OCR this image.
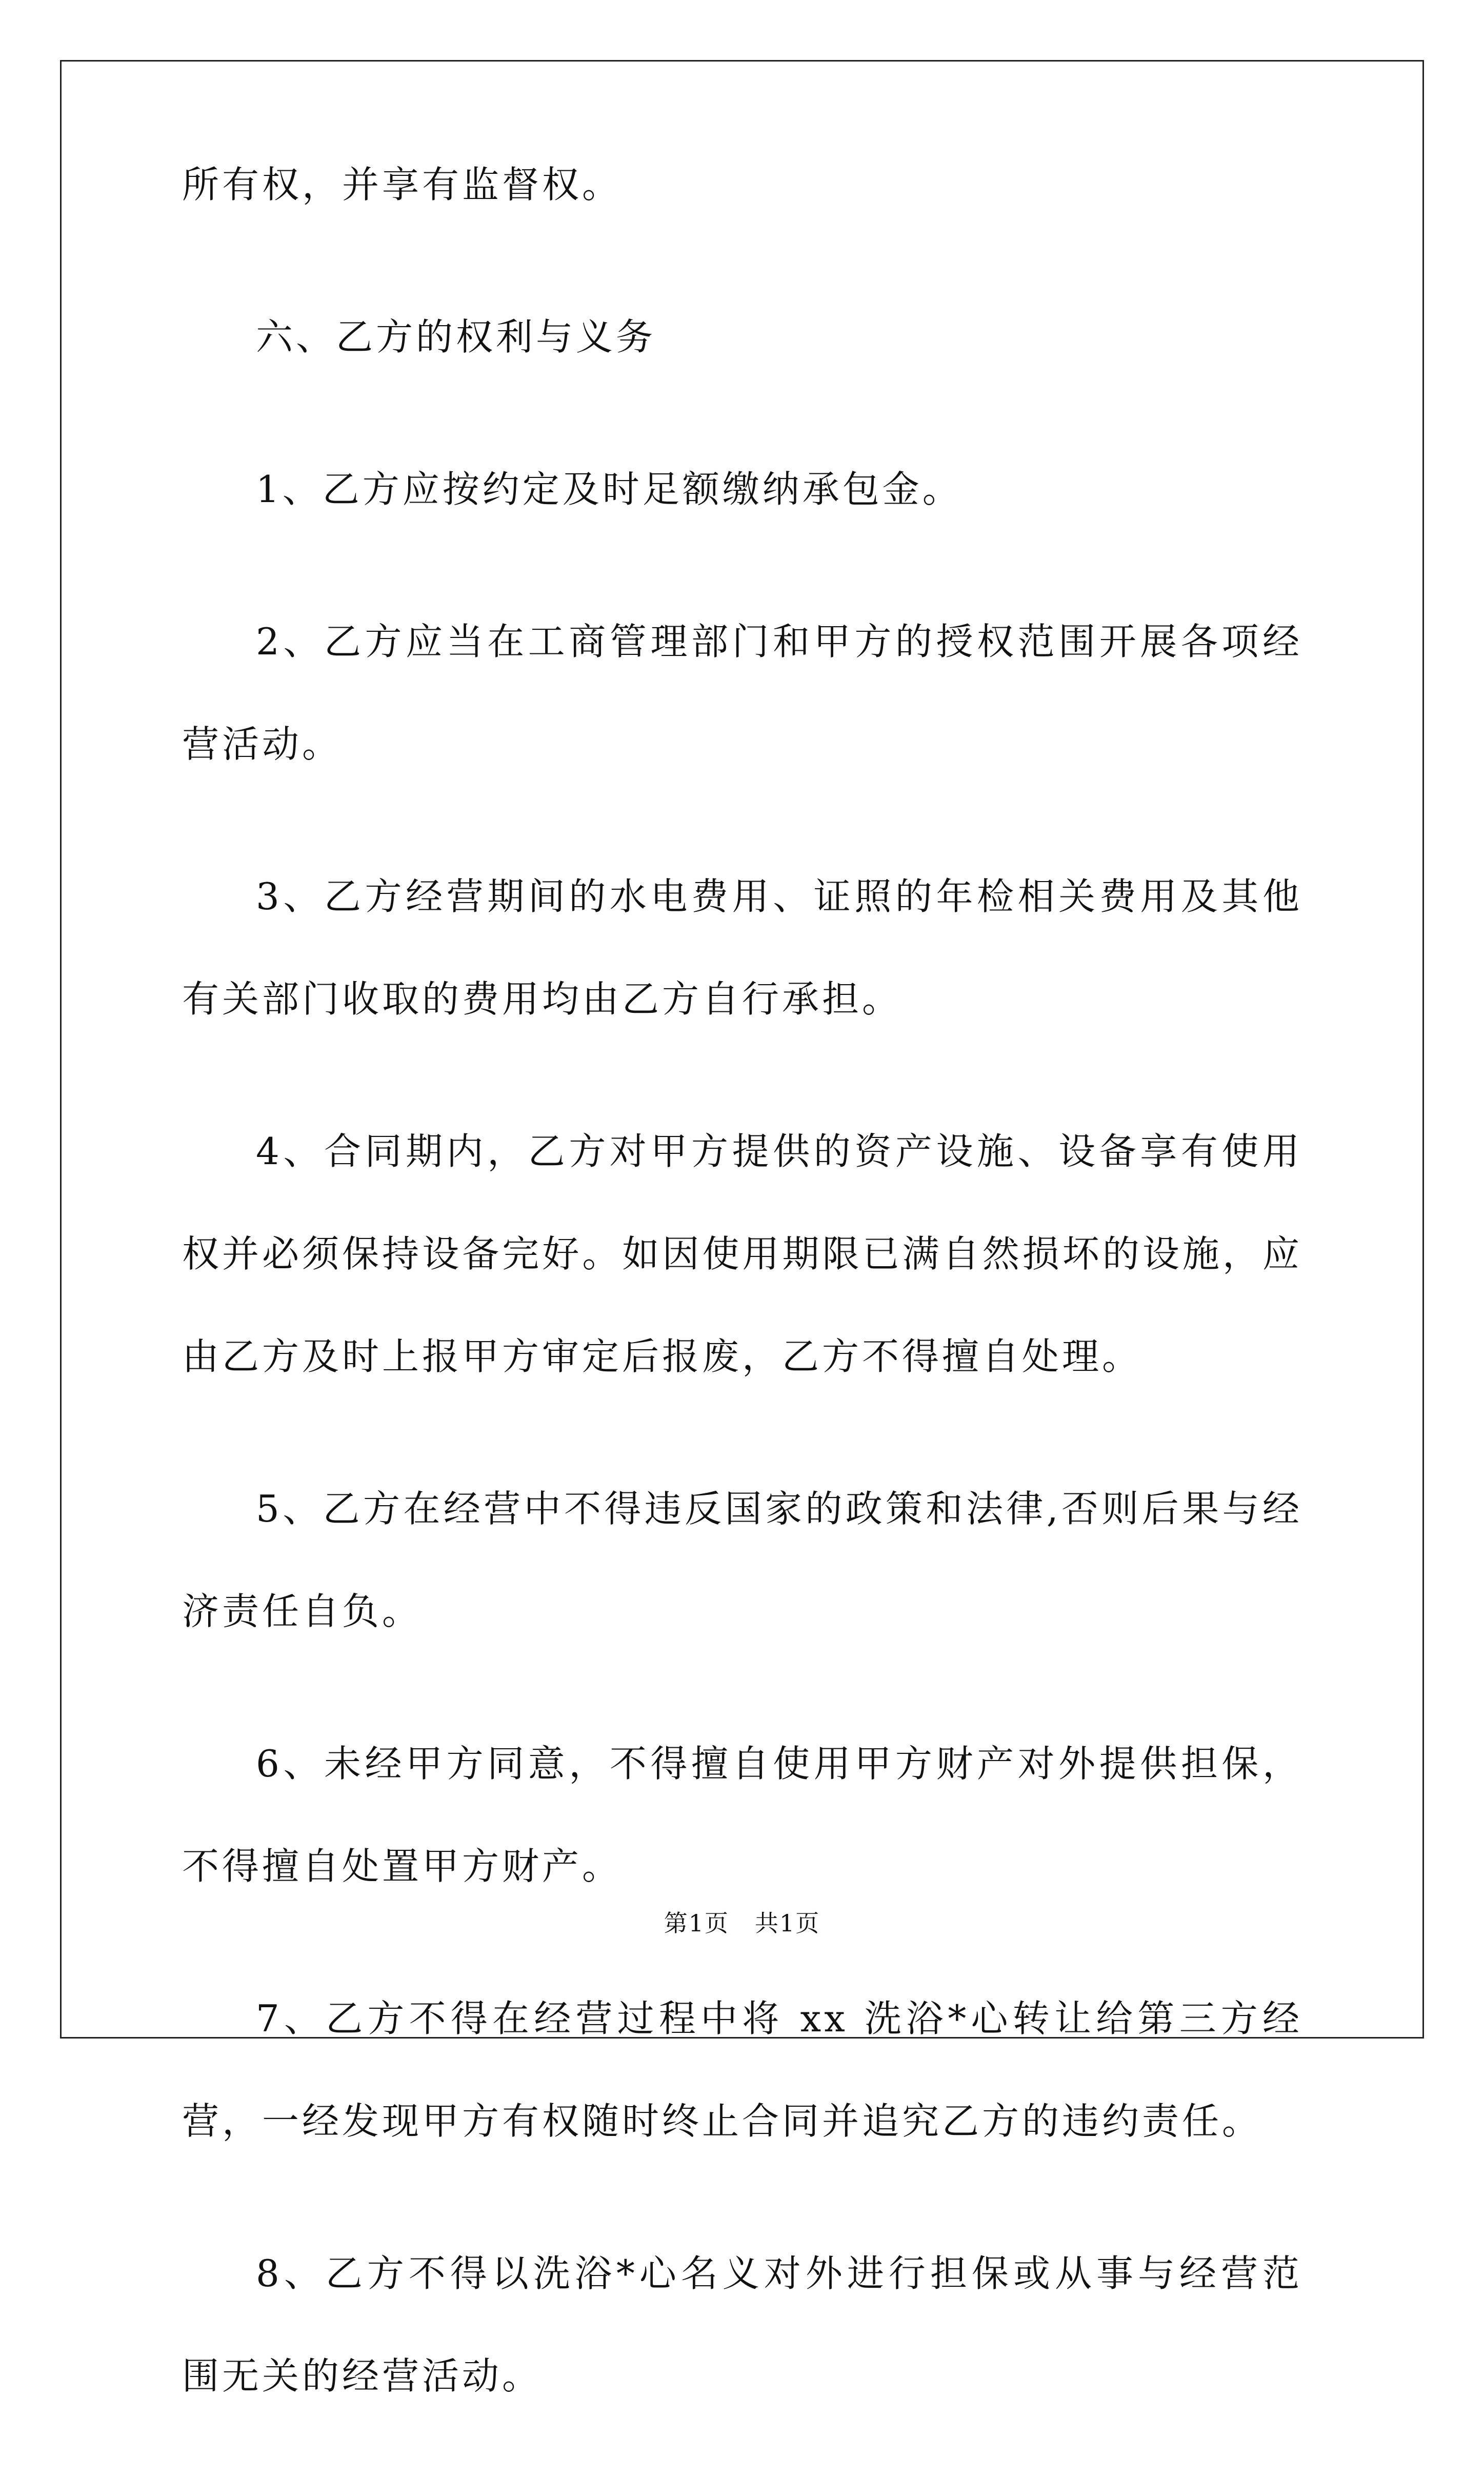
所有权，并享有监督权。

六、乙方的权利与义务

1、乙方应按约定及时足额缴纳承包金。

2、乙方应当在工商管理部门和甲方的授权范围开展各项经营活动。

3、乙方经营期间的水电费用、证照的年检相关费用及其他有关部门收取的费用均由乙方自行承担。

4、合同期内，乙方对甲方提供的资产设施、设备享有使用权并必须保持设备完好。如因使用期限已满自然损坏的设施，应由乙方及时上报甲方审定后报废，乙方不得擅自处理。

5、乙方在经营中不得违反国家的政策和法律,否则后果与经济责任自负。

6、未经甲方同意，不得擅自使用甲方财产对外提供担保，不得擅自处置甲方财产。

7、乙方不得在经营过程中将 xx 洗浴*心转让给第三方经营，一经发现甲方有权随时终止合同并追究乙方的违约责任。

8、乙方不得以洗浴*心名义对外进行担保或从事与经营范围无关的经营活动。

第1页 共1页
